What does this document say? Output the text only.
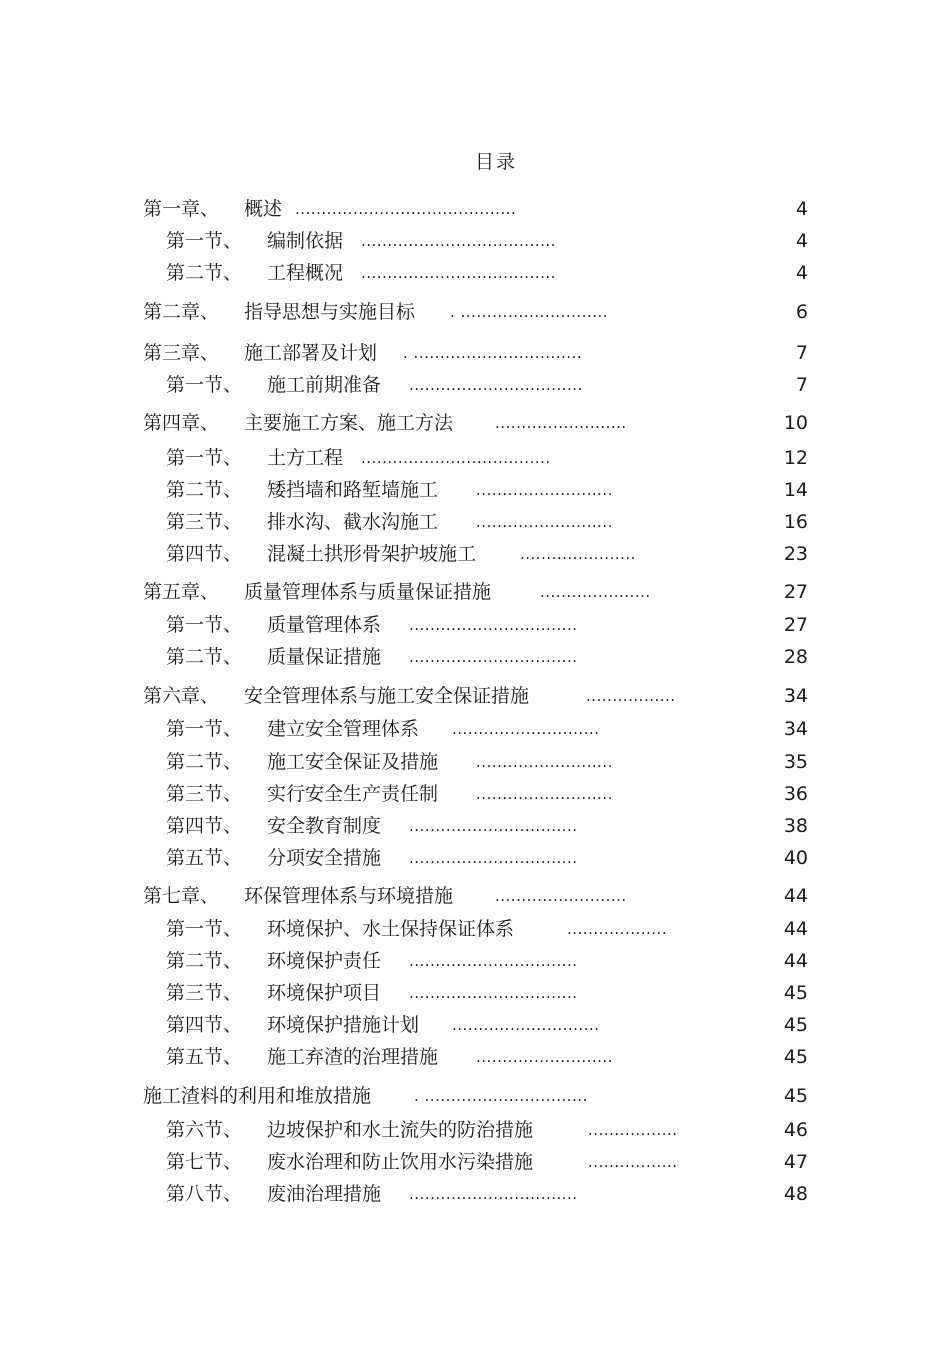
目录
第一章、 概述 ..........................................	4
第一节、 编制依据 .....................................	4
第二节、 工程概况 .....................................	4
第二章、 指导思想与实施目标 . ............................	6
第三章、 施工部署及计划 . ................................	7
第一节、 施工前期准备 .................................	7
第四章、 主要施工方案、施工方法	.........................	10
第一节、 土方工程 ....................................	12
第二节、 矮挡墙和路堑墙施工	..........................	14
第三节、 排水沟、截水沟施工	..........................	16
第四节、 混凝土拱形骨架护坡施工	......................	23
第五章、 质量管理体系与质量保证措施	.....................	27
第一节、 质量管理体系 ................................	27
第二节、 质量保证措施 ................................	28
第六章、 安全管理体系与施工安全保证措施	.................	34
第一节、 建立安全管理体系 ............................	34
第二节、 施工安全保证及措施	..........................	35
第三节、 实行安全生产责任制	..........................	36
第四节、 安全教育制度 ................................	38
第五节、 分项安全措施 ................................	40
第七章、 环保管理体系与环境措施	.........................	44
第一节、 环境保护、水土保持保证体系	...................	44
第二节、 环境保护责任 ................................	44
第三节、 环境保护项目 ................................	45
第四节、 环境保护措施计划 ............................	45
第五节、 施工弃渣的治理措施	..........................	45
施工渣料的利用和堆放措施	. ...............................	45
第六节、 边坡保护和水土流失的防治措施	.................	46
第七节、 废水治理和防止饮用水污染措施	.................	47
第八节、 废油治理措施 ................................	48
